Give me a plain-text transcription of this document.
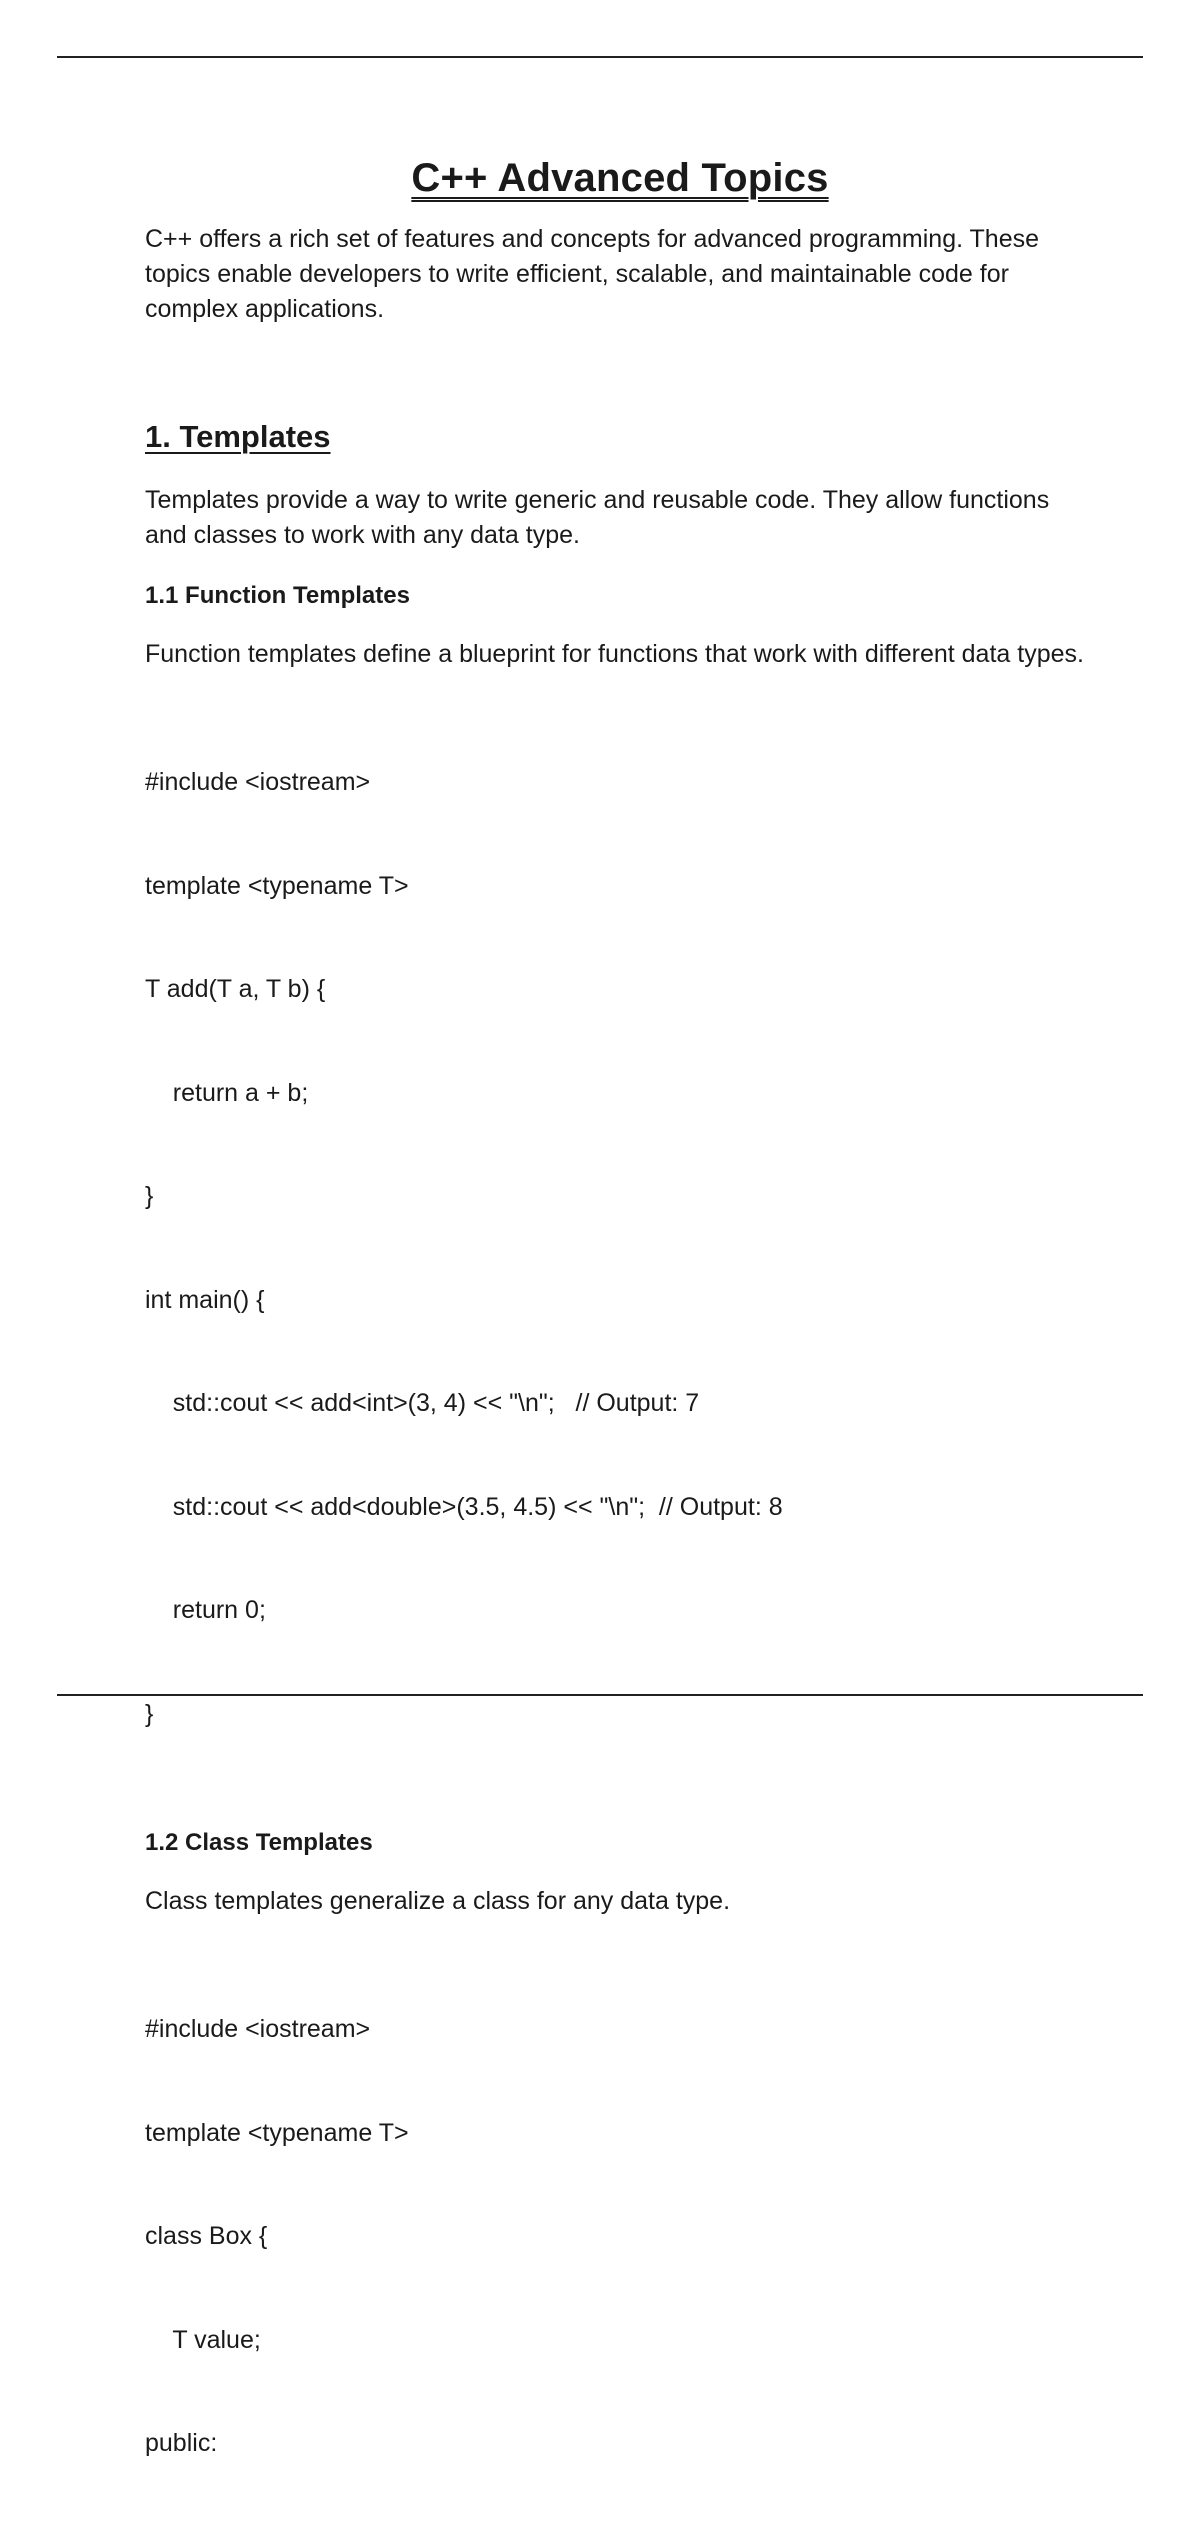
C++ Advanced Topics

C++ offers a rich set of features and concepts for advanced programming. These topics enable developers to write efficient, scalable, and maintainable code for complex applications.

1. Templates

Templates provide a way to write generic and reusable code. They allow functions and classes to work with any data type.

1.1 Function Templates

Function templates define a blueprint for functions that work with different data types.

#include <iostream>

template <typename T>

T add(T a, T b) {

return a + b;

}

int main() {

std::cout << add<int>(3, 4) << "\n";   // Output: 7

std::cout << add<double>(3.5, 4.5) << "\n";  // Output: 8

return 0;

}

1.2 Class Templates

Class templates generalize a class for any data type.

#include <iostream>

template <typename T>

class Box {

T value;

public:
